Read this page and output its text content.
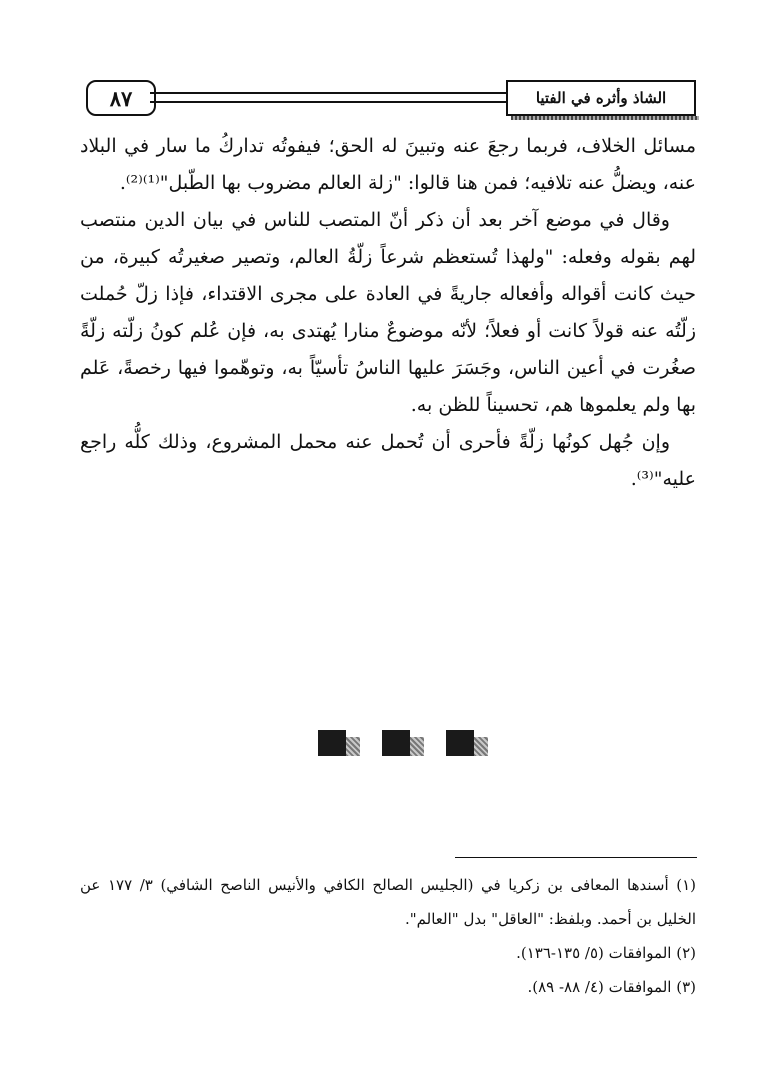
٨٧	الشاذ وأثره في الفتيا

مسائل الخلاف، فربما رجعَ عنه وتبينَ له الحق؛ فيفوتُه تداركُ ما سار في البلاد عنه، ويضلُّ عنه تلافيه؛ فمن هنا قالوا: "زلة العالم مضروب بها الطّبل"⁽¹⁾⁽²⁾.

وقال في موضع آخر بعد أن ذكر أنّ المتصب للناس في بيان الدين منتصب لهم بقوله وفعله: "ولهذا تُستعظم شرعاً زلّةُ العالم، وتصير صغيرتُه كبيرة، من حيث كانت أقواله وأفعاله جاريةً في العادة على مجرى الاقتداء، فإذا زلّ حُملت زلّتُه عنه قولاً كانت أو فعلاً؛ لأنّه موضوعٌ منارا يُهتدى به، فإن عُلم كونُ زلّته زلّةً صغُرت في أعين الناس، وجَسَرَ عليها الناسُ تأسيّاً به، وتوهّموا فيها رخصةً، عَلم بها ولم يعلموها هم، تحسيناً للظن به.

وإن جُهل كونُها زلّةً فأحرى أن تُحمل عنه محمل المشروع، وذلك كلُّه راجع عليه"⁽³⁾.

(١) أسندها المعافى بن زكريا في (الجليس الصالح الكافي والأنيس الناصح الشافي) ٣/ ١٧٧ عن الخليل بن أحمد. وبلفظ: "العاقل" بدل "العالم".

(٢) الموافقات (٥/ ١٣٥-١٣٦).

(٣) الموافقات (٤/ ٨٨- ٨٩).
